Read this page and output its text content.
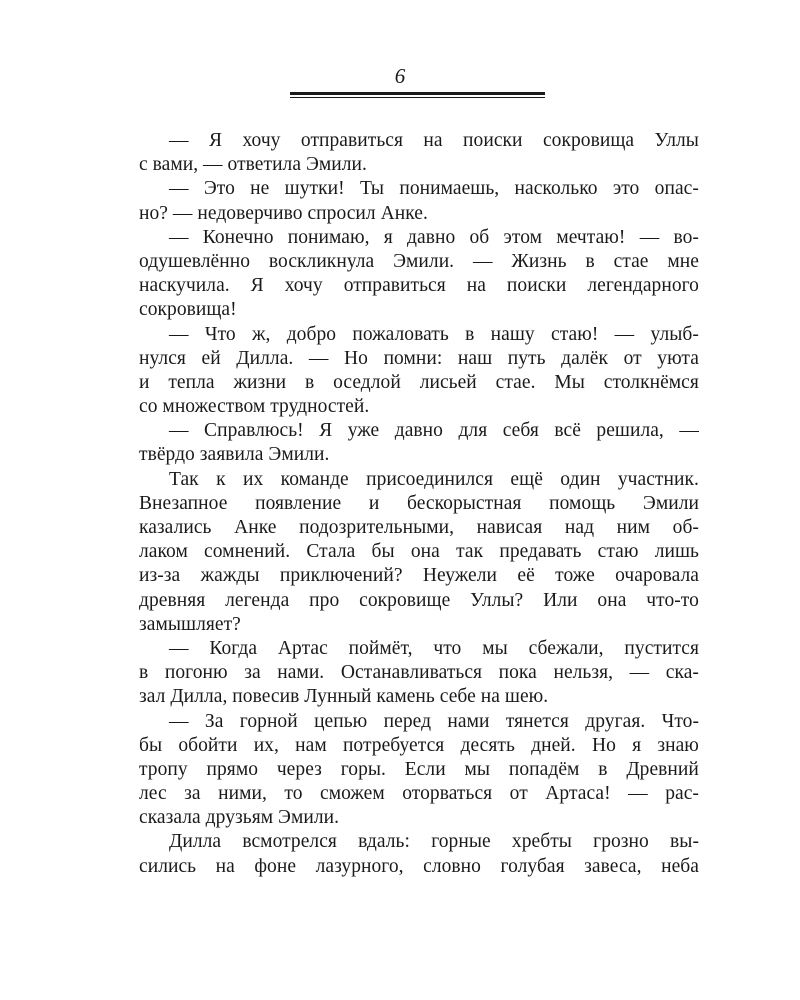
6
— Я хочу отправиться на поиски сокровища Уллы
с вами, — ответила Эмили.
— Это не шутки! Ты понимаешь, насколько это опас-
но? — недоверчиво спросил Анке.
— Конечно понимаю, я давно об этом мечтаю! — во-
одушевлённо воскликнула Эмили. — Жизнь в стае мне
наскучила. Я хочу отправиться на поиски легендарного
сокровища!
— Что ж, добро пожаловать в нашу стаю! — улыб-
нулся ей Дилла. — Но помни: наш путь далёк от уюта
и тепла жизни в оседлой лисьей стае. Мы столкнёмся
со множеством трудностей.
— Справлюсь! Я уже давно для себя всё решила, —
твёрдо заявила Эмили.
Так к их команде присоединился ещё один участник.
Внезапное появление и бескорыстная помощь Эмили
казались Анке подозрительными, нависая над ним об-
лаком сомнений. Стала бы она так предавать стаю лишь
из-за жажды приключений? Неужели её тоже очаровала
древняя легенда про сокровище Уллы? Или она что-то
замышляет?
— Когда Артас поймёт, что мы сбежали, пустится
в погоню за нами. Останавливаться пока нельзя, — ска-
зал Дилла, повесив Лунный камень себе на шею.
— За горной цепью перед нами тянется другая. Что-
бы обойти их, нам потребуется десять дней. Но я знаю
тропу прямо через горы. Если мы попадём в Древний
лес за ними, то сможем оторваться от Артаса! — рас-
сказала друзьям Эмили.
Дилла всмотрелся вдаль: горные хребты грозно вы-
сились на фоне лазурного, словно голубая завеса, неба
